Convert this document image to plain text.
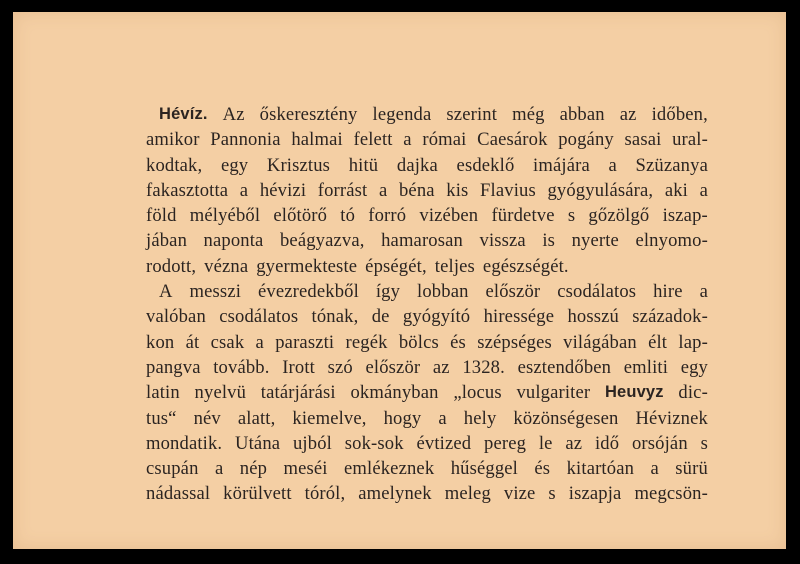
Hévíz. Az őskeresztény legenda szerint még abban az időben,
amikor Pannonia halmai felett a római Caesárok pogány sasai ural-
kodtak, egy Krisztus hitü dajka esdeklő imájára a Szüzanya
fakasztotta a hévizi forrást a béna kis Flavius gyógyulására, aki a
föld mélyéből előtörő tó forró vizében fürdetve s gőzölgő iszap-
jában naponta beágyazva, hamarosan vissza is nyerte elnyomo-
rodott, vézna gyermekteste épségét, teljes egészségét.
A messzi évezredekből így lobban először csodálatos hire a
valóban csodálatos tónak, de gyógyító hiressége hosszú századok-
kon át csak a paraszti regék bölcs és szépséges világában élt lap-
pangva tovább. Irott szó először az 1328. esztendőben emliti egy
latin nyelvü tatárjárási okmányban „locus vulgariter Heuvyz dic-
tus“ név alatt, kiemelve, hogy a hely közönségesen Héviznek
mondatik. Utána ujból sok-sok évtized pereg le az idő orsóján s
csupán a nép meséi emlékeznek hűséggel és kitartóan a sürü
nádassal körülvett tóról, amelynek meleg vize s iszapja megcsön-
